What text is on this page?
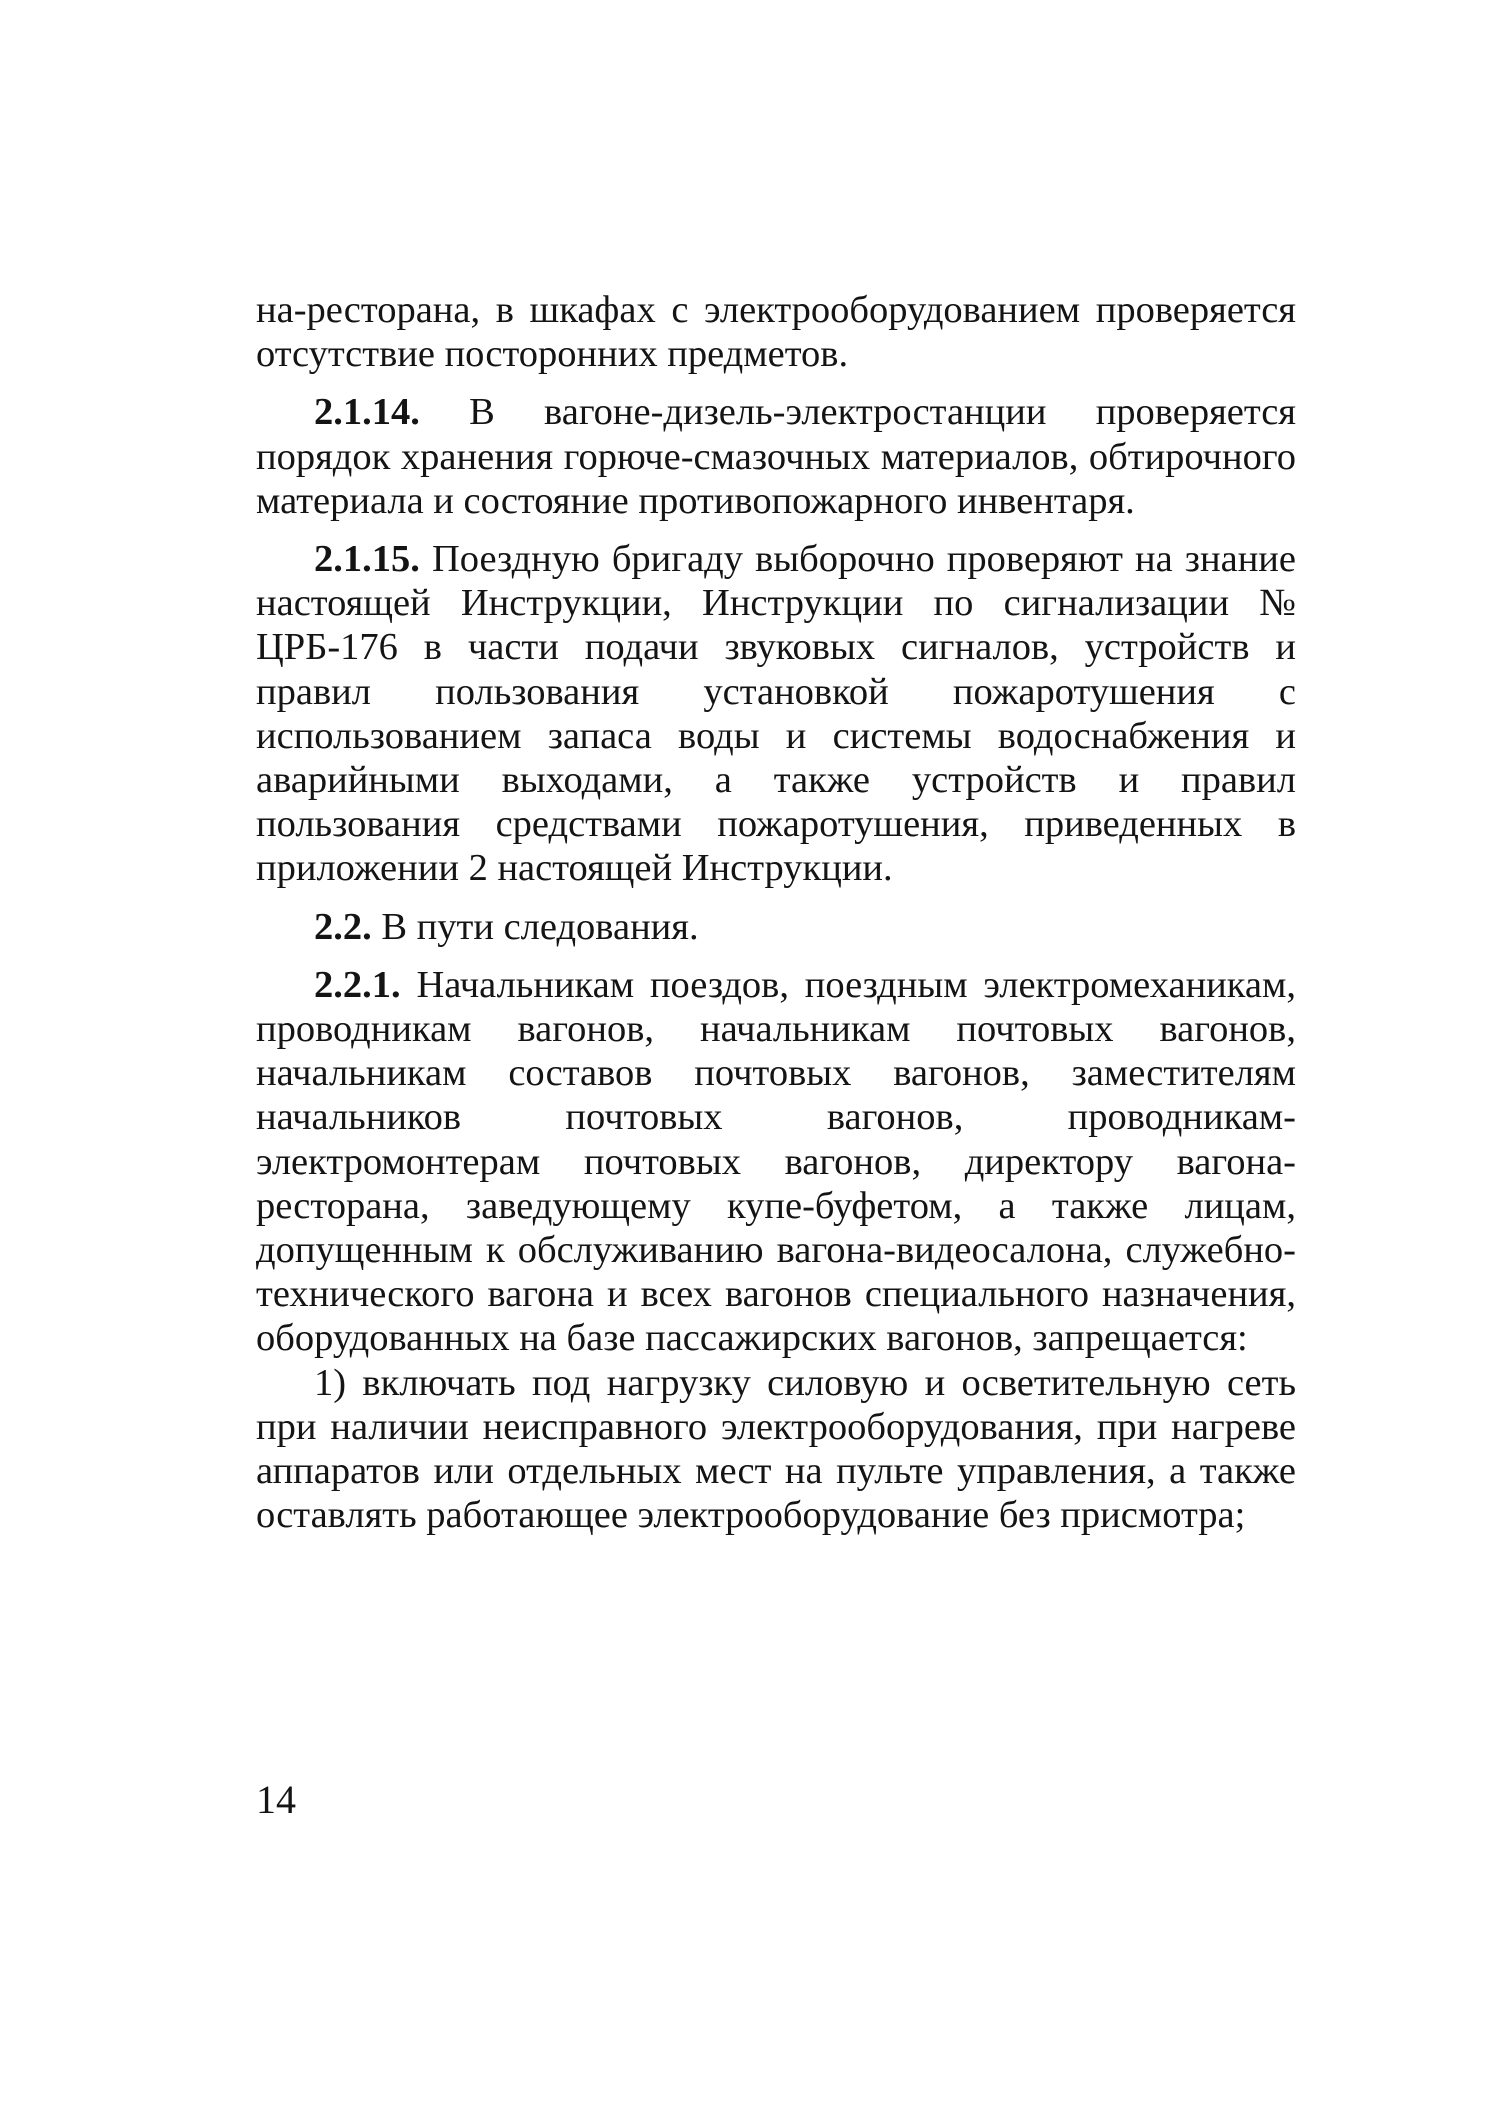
на-ресторана, в шкафах с электрооборудованием проверяется отсутствие посторонних предметов.

2.1.14. В вагоне-дизель-электростанции проверяется порядок хранения горюче-смазочных материалов, обтирочного материала и состояние противопожарного инвентаря.

2.1.15. Поездную бригаду выборочно проверяют на знание настоящей Инструкции, Инструкции по сигнализации № ЦРБ-176 в части подачи звуковых сигналов, устройств и правил пользования установкой пожаротушения с использованием запаса воды и системы водоснабжения и аварийными выходами, а также устройств и правил пользования средствами пожаротушения, приведенных в приложении 2 настоящей Инструкции.

2.2. В пути следования.

2.2.1. Начальникам поездов, поездным электромеханикам, проводникам вагонов, начальникам почтовых вагонов, начальникам составов почтовых вагонов, заместителям начальников почтовых вагонов, проводникам-электромонтерам почтовых вагонов, директору вагона-ресторана, заведующему купе-буфетом, а также лицам, допущенным к обслуживанию вагона-видеосалона, служебно-технического вагона и всех вагонов специального назначения, оборудованных на базе пассажирских вагонов, запрещается:

1) включать под нагрузку силовую и осветительную сеть при наличии неисправного электрооборудования, при нагреве аппаратов или отдельных мест на пульте управления, а также оставлять работающее электрооборудование без присмотра;

14
